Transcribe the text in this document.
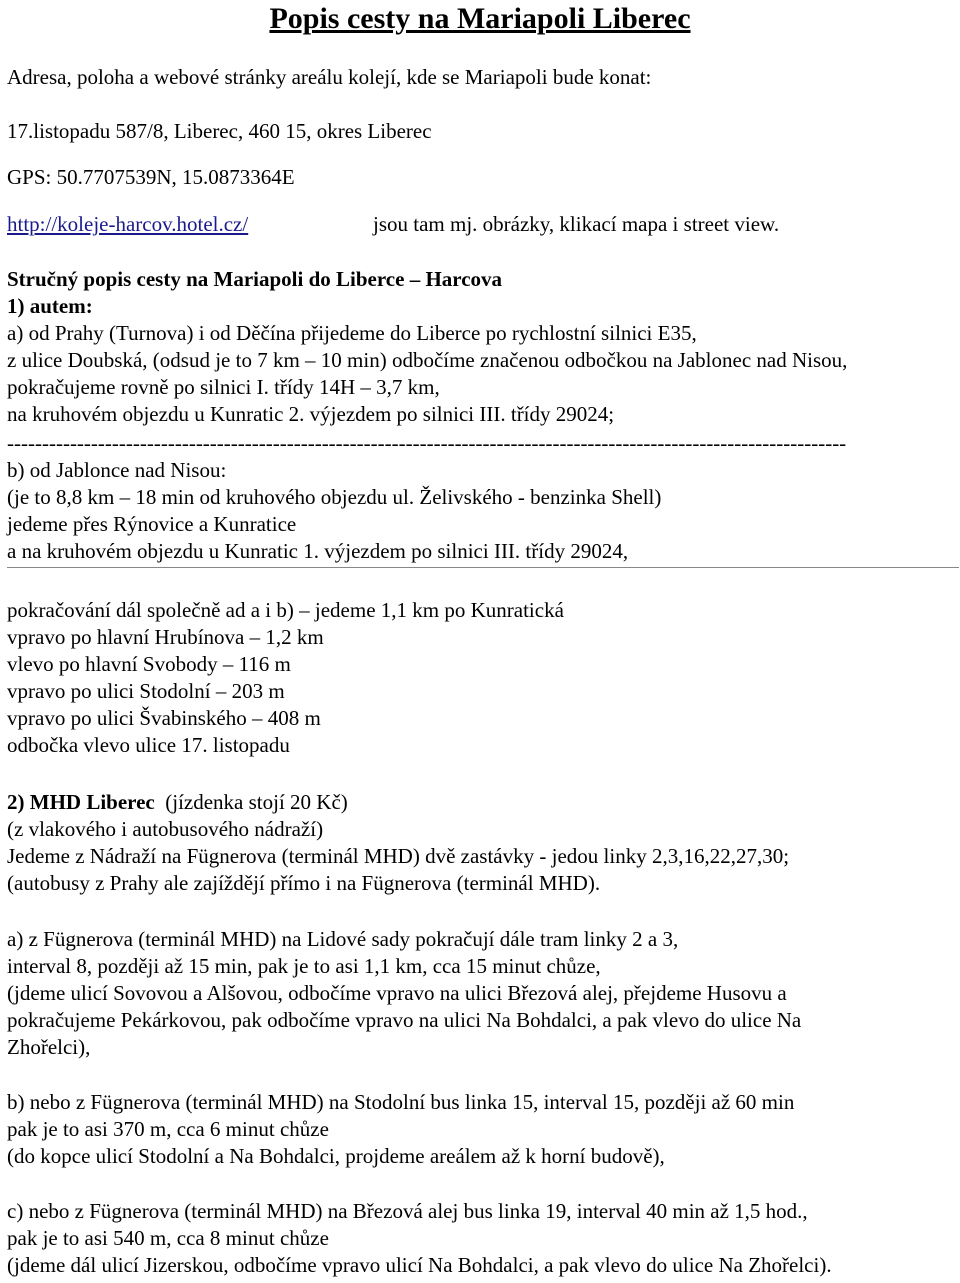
Popis cesty na Mariapoli Liberec
Adresa, poloha a webové stránky areálu kolejí, kde se Mariapoli bude konat:
17.listopadu 587/8, Liberec, 460 15, okres Liberec
GPS: 50.7707539N, 15.0873364E
http://koleje-harcov.hotel.cz/	jsou tam mj. obrázky, klikací mapa i street view.
Stručný popis cesty na Mariapoli do Liberce – Harcova
1) autem:
a) od Prahy (Turnova) i od Děčína přijedeme do Liberce po rychlostní silnici E35,
z ulice Doubská, (odsud je to 7 km – 10 min) odbočíme značenou odbočkou na Jablonec nad Nisou,
pokračujeme rovně po silnici I. třídy 14H – 3,7 km,
na kruhovém objezdu u Kunratic 2. výjezdem po silnici III. třídy 29024;
------------------------------------------------------------------------------------------------------------------------
b) od Jablonce nad Nisou:
(je to 8,8 km – 18 min od kruhového objezdu ul. Želivského - benzinka Shell)
jedeme přes Rýnovice a Kunratice
a na kruhovém objezdu u Kunratic 1. výjezdem po silnici III. třídy 29024,
pokračování dál společně ad a i b) – jedeme 1,1 km po Kunratická
vpravo po hlavní Hrubínova – 1,2 km
vlevo po hlavní Svobody – 116 m
vpravo po ulici Stodolní – 203 m
vpravo po ulici Švabinského – 408 m
odbočka vlevo ulice 17. listopadu
2) MHD Liberec  (jízdenka stojí 20 Kč)
(z vlakového i autobusového nádraží)
Jedeme z Nádraží na Fügnerova (terminál MHD) dvě zastávky - jedou linky 2,3,16,22,27,30;
(autobusy z Prahy ale zajíždějí přímo i na Fügnerova (terminál MHD).
a) z Fügnerova (terminál MHD) na Lidové sady pokračují dále tram linky 2 a 3,
interval 8, později až 15 min, pak je to asi 1,1 km, cca 15 minut chůze,
(jdeme ulicí Sovovou a Alšovou, odbočíme vpravo na ulici Březová alej, přejdeme Husovu a
pokračujeme Pekárkovou, pak odbočíme vpravo na ulici Na Bohdalci, a pak vlevo do ulice Na
Zhořelci),
b) nebo z Fügnerova (terminál MHD) na Stodolní bus linka 15, interval 15, později až 60 min
pak je to asi 370 m, cca 6 minut chůze
(do kopce ulicí Stodolní a Na Bohdalci, projdeme areálem až k horní budově),
c) nebo z Fügnerova (terminál MHD) na Březová alej bus linka 19, interval 40 min až 1,5 hod.,
pak je to asi 540 m, cca 8 minut chůze
(jdeme dál ulicí Jizerskou, odbočíme vpravo ulicí Na Bohdalci, a pak vlevo do ulice Na Zhořelci).
